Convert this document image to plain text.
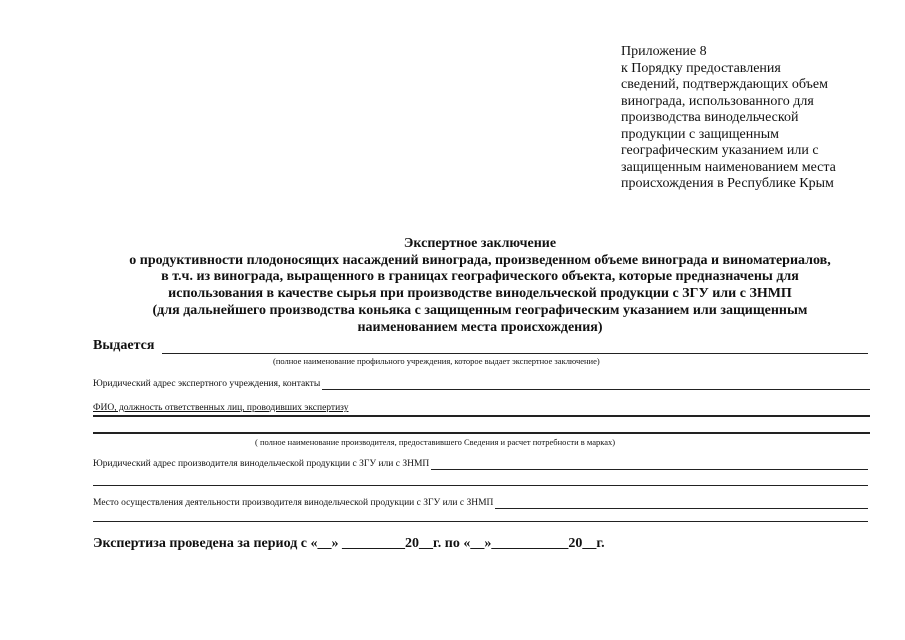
Приложение 8
к Порядку предоставления
сведений, подтверждающих объем
винограда, использованного для
производства винодельческой
продукции с защищенным
географическим указанием или с
защищенным наименованием места
происхождения в Республике Крым
Экспертное заключение
о продуктивности плодоносящих насаждений винограда, произведенном объеме винограда и виноматериалов,
в т.ч. из винограда, выращенного в границах географического объекта, которые предназначены для
использования в качестве сырья при производстве винодельческой продукции с ЗГУ или с ЗНМП
(для дальнейшего производства коньяка с защищенным географическим указанием или защищенным
наименованием места происхождения)
Выдается
(полное наименование профильного учреждения, которое выдает экспертное заключение)
Юридический адрес экспертного учреждения, контакты
ФИО, должность ответственных лиц, проводивших экспертизу
( полное наименование производителя, предоставившего Сведения и расчет потребности в марках)
Юридический адрес производителя винодельческой продукции с ЗГУ или с ЗНМП
Место осуществления деятельности производителя винодельческой продукции с ЗГУ или с ЗНМП
Экспертиза проведена за период с «__» _________20__г. по «__»___________20__г.
